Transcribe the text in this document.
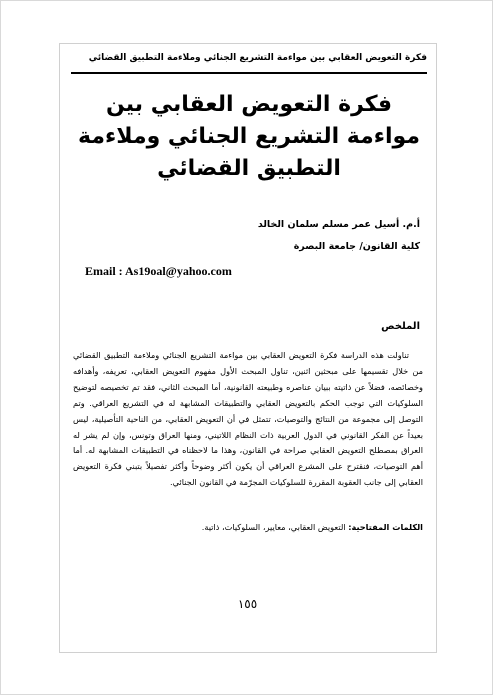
فكرة التعويض العقابي بين مواءمة التشريع الجنائي وملاءمة التطبيق القضائي
فكرة التعويض العقابي بين
مواءمة التشريع الجنائي وملاءمة
التطبيق القضائي
أ.م. أسيل عمر مسلم سلمان الخالد
كلية القانون/ جامعة البصرة
Email : As19oal@yahoo.com
الملخص

تناولت هذه الدراسة فكرة التعويض العقابي بين مواءمة التشريع الجنائي وملاءمة التطبيق القضائي من خلال تقسيمها على مبحثين اثنين، تناول المبحث الأول مفهوم التعويض العقابي، تعريفه، وأهدافه وخصائصه، فضلاً عن ذاتيته ببيان عناصره وطبيعته القانونية، أما المبحث الثاني، فقد تم تخصيصه لتوضيح السلوكيات التي توجب الحكم بالتعويض العقابي والتطبيقات المشابهة له في التشريع العراقي. وتم التوصل إلى مجموعة من النتائج والتوصيات، تتمثل في أن التعويض العقابي، من الناحية التأصيلية، ليس بعيداً عن الفكر القانوني في الدول العربية ذات النظام اللاتيني، ومنها العراق وتونس، وإن لم يشر له العراق بمصطلح التعويض العقابي صراحة في القانون، وهذا ما لاحظناه في التطبيقات المشابهة له. أما أهم التوصيات، فنقترح على المشرع العراقي أن يكون أكثر وضوحاً وأكثر تفصيلاً بتبني فكرة التعويض العقابي إلى جانب العقوبة المقررة للسلوكيات المجرّمة في القانون الجنائي.

الكلمات المفتاحية: التعويض العقابي، معايير، السلوكيات، ذاتية.
١٥٥
